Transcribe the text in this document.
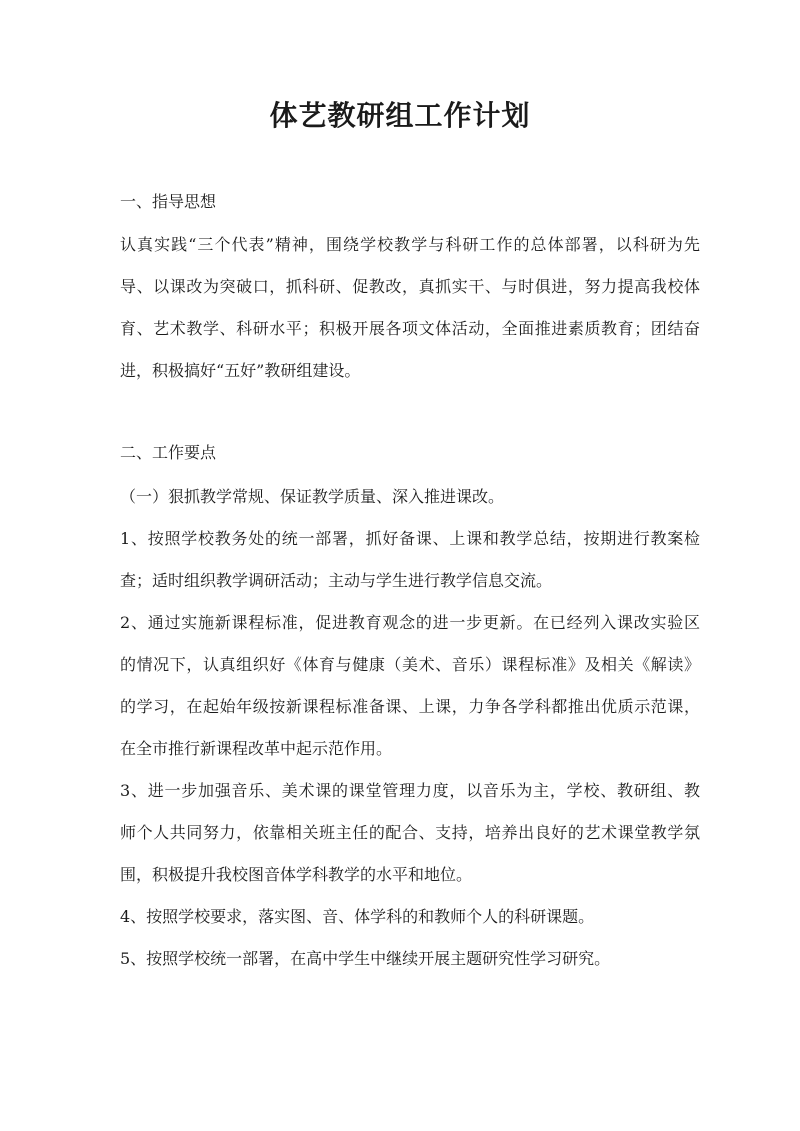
体艺教研组工作计划

一、指导思想

认真实践“三个代表”精神，围绕学校教学与科研工作的总体部署，以科研为先

导、以课改为突破口，抓科研、促教改，真抓实干、与时俱进，努力提高我校体

育、艺术教学、科研水平；积极开展各项文体活动，全面推进素质教育；团结奋

进，积极搞好“五好”教研组建设。

二、工作要点

（一）狠抓教学常规、保证教学质量、深入推进课改。

1、按照学校教务处的统一部署，抓好备课、上课和教学总结，按期进行教案检

查；适时组织教学调研活动；主动与学生进行教学信息交流。

2、通过实施新课程标准，促进教育观念的进一步更新。在已经列入课改实验区

的情况下，认真组织好《体育与健康（美术、音乐）课程标准》及相关《解读》

的学习，在起始年级按新课程标准备课、上课，力争各学科都推出优质示范课，

在全市推行新课程改革中起示范作用。

3、进一步加强音乐、美术课的课堂管理力度，以音乐为主，学校、教研组、教

师个人共同努力，依靠相关班主任的配合、支持，培养出良好的艺术课堂教学氛

围，积极提升我校图音体学科教学的水平和地位。

4、按照学校要求，落实图、音、体学科的和教师个人的科研课题。

5、按照学校统一部署，在高中学生中继续开展主题研究性学习研究。
